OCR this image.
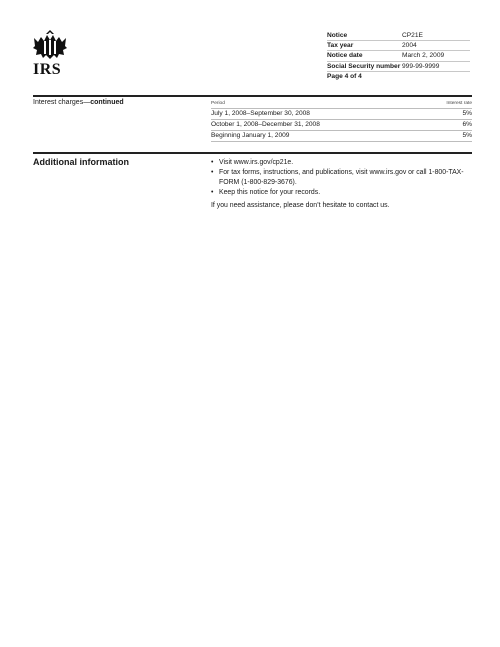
IRS
Notice	CP21E
Tax year	2004
Notice date	March 2, 2009
Social Security number 999-99-9999
Page 4 of 4
Interest charges—continued	Period	Interest rate
July 1, 2008–September 30, 2008	5%
October 1, 2008–December 31, 2008	6%
Beginning January 1, 2009	5%
Additional information	• Visit www.irs.gov/cp21e.
• For tax forms, instructions, and publications, visit www.irs.gov or call 1-800-TAX-FORM (1-800-829-3676).
• Keep this notice for your records.
If you need assistance, please don’t hesitate to contact us.
